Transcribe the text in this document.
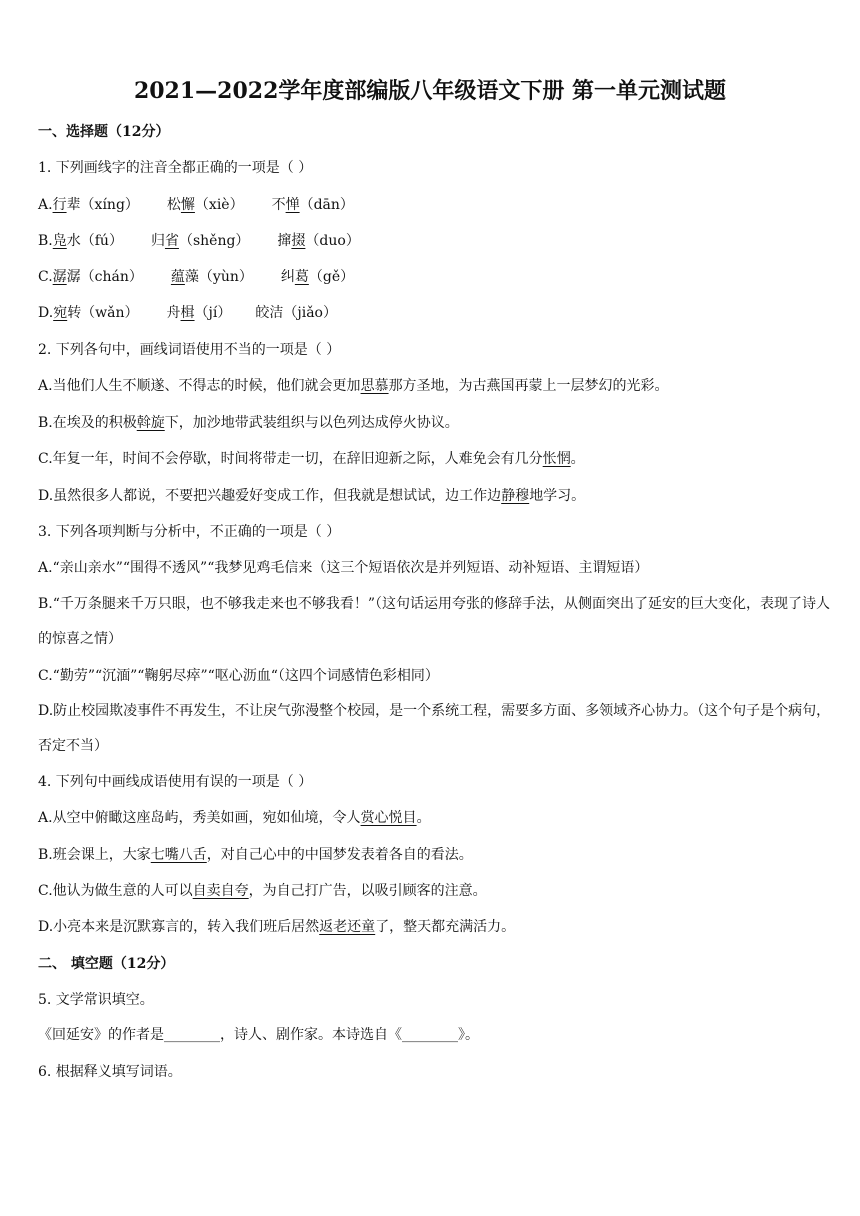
2021—2022学年度部编版八年级语文下册 第一单元测试题
一、选择题（12分）
1. 下列画线字的注音全都正确的一项是（ ）
A.行辈（xíng） 松懈（xiè） 不惮（dān）
B.凫水（fú） 归省（shěng） 撺掇（duo）
C.潺潺（chán） 蕴藻（yùn） 纠葛（gě）
D.宛转（wǎn） 舟楫（jí） 皎洁（jiǎo）
2. 下列各句中，画线词语使用不当的一项是（ ）
A.当他们人生不顺遂、不得志的时候，他们就会更加思慕那方圣地，为古燕国再蒙上一层梦幻的光彩。
B.在埃及的积极斡旋下，加沙地带武装组织与以色列达成停火协议。
C.年复一年，时间不会停歇，时间将带走一切，在辞旧迎新之际，人难免会有几分怅惘。
D.虽然很多人都说，不要把兴趣爱好变成工作，但我就是想试试，边工作边静穆地学习。
3. 下列各项判断与分析中，不正确的一项是（ ）
A.“亲山亲水”“围得不透风”“我梦见鸡毛信来（这三个短语依次是并列短语、动补短语、主谓短语）
B.“千万条腿来千万只眼，也不够我走来也不够我看！”（这句话运用夸张的修辞手法，从侧面突出了延安的巨大变化，表现了诗人的惊喜之情）
C.“勤劳”“沉湎”“鞠躬尽瘁”“呕心沥血“（这四个词感情色彩相同）
D.防止校园欺凌事件不再发生，不让戾气弥漫整个校园，是一个系统工程，需要多方面、多领域齐心协力。（这个句子是个病句，否定不当）
4. 下列句中画线成语使用有误的一项是（ ）
A.从空中俯瞰这座岛屿，秀美如画，宛如仙境，令人赏心悦目。
B.班会课上，大家七嘴八舌，对自己心中的中国梦发表着各自的看法。
C.他认为做生意的人可以自卖自夸，为自己打广告，以吸引顾客的注意。
D.小亮本来是沉默寡言的，转入我们班后居然返老还童了，整天都充满活力。
二、 填空题（12分）
5. 文学常识填空。
《回延安》的作者是________，诗人、剧作家。本诗选自《________》。
6. 根据释义填写词语。
